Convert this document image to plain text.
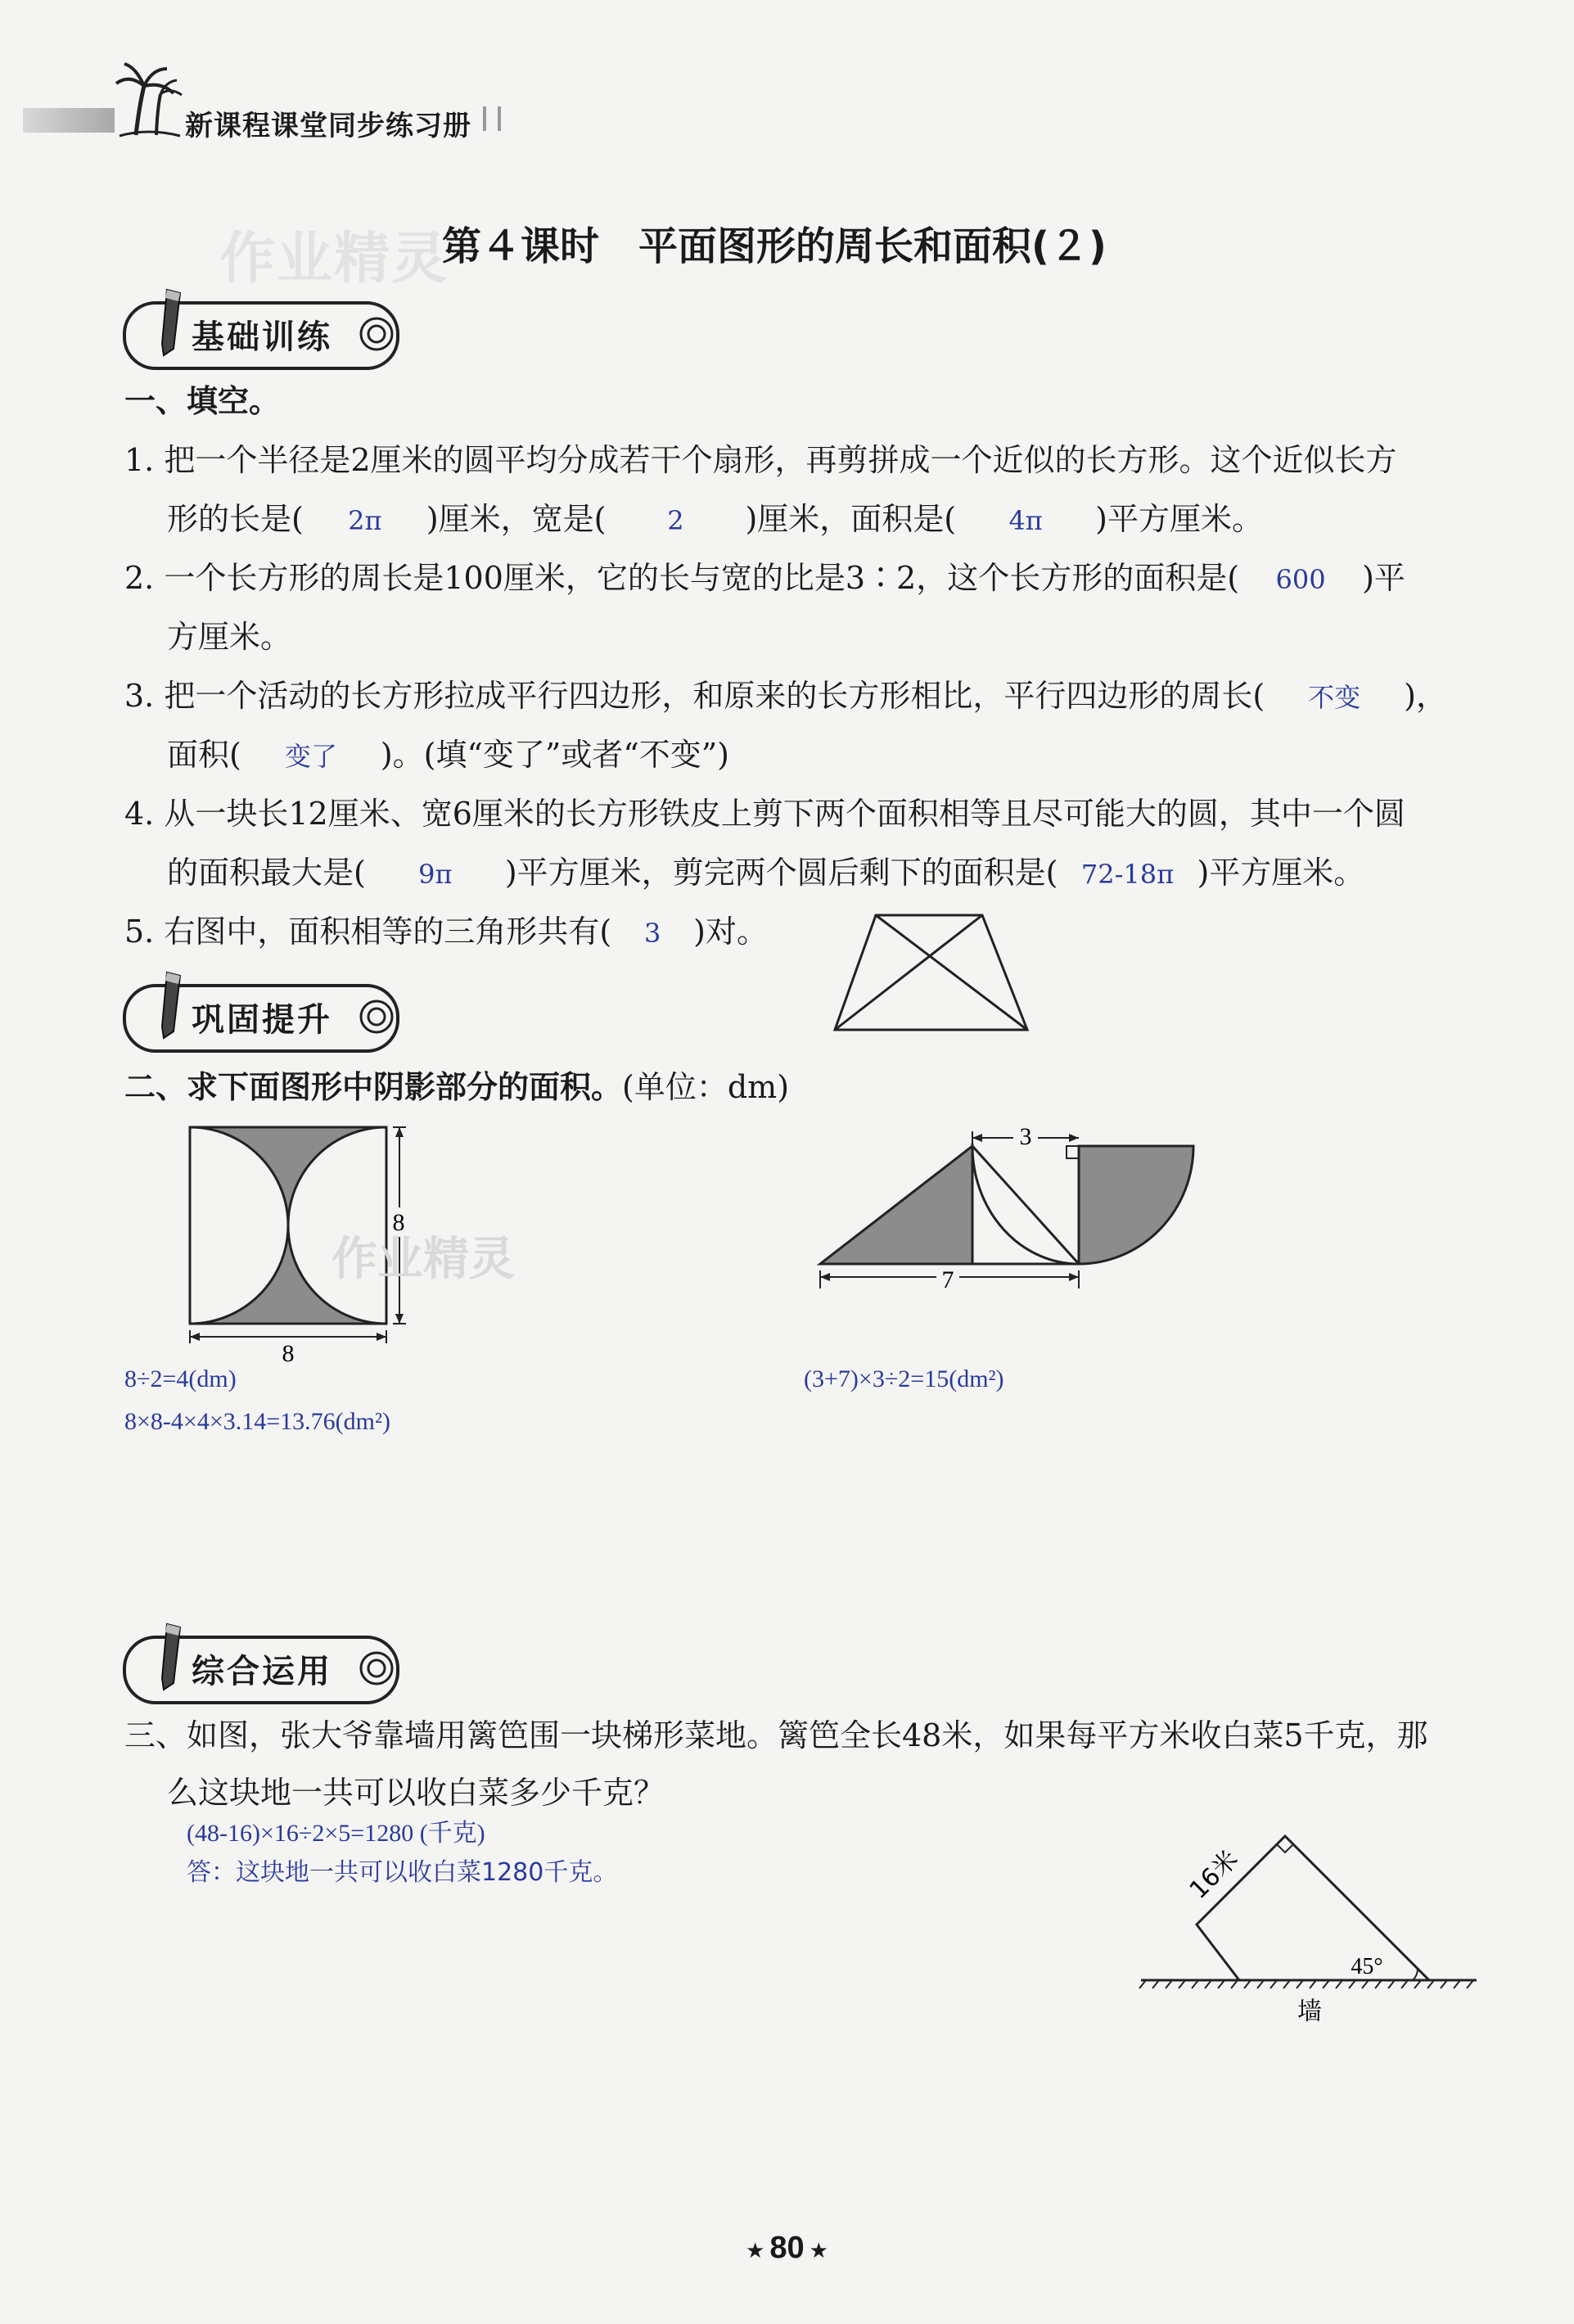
新课程课堂同步练习册
作业精灵
第４课时　平面图形的周长和面积(２)
基础训练
一、填空。
1. 把一个半径是2厘米的圆平均分成若干个扇形，再剪拼成一个近似的长方形。这个近似长方
形的长是( 2π )厘米，宽是( 2 )厘米，面积是( 4π )平方厘米。
2. 一个长方形的周长是100厘米，它的长与宽的比是3∶2，这个长方形的面积是( 600 )平
方厘米。
3. 把一个活动的长方形拉成平行四边形，和原来的长方形相比，平行四边形的周长( 不变 )，
面积( 变了 )。(填“变了”或者“不变”)
4. 从一块长12厘米、宽6厘米的长方形铁皮上剪下两个面积相等且尽可能大的圆，其中一个圆
的面积最大是( 9π )平方厘米，剪完两个圆后剩下的面积是( 72-18π )平方厘米。
5. 右图中，面积相等的三角形共有( 3 )对。
巩固提升
二、求下面图形中阴影部分的面积。(单位：dm)
8
8
作业精灵
3
7
8÷2=4(dm)
8×8-4×4×3.14=13.76(dm²)
(3+7)×3÷2=15(dm²)
综合运用
三、如图，张大爷靠墙用篱笆围一块梯形菜地。篱笆全长48米，如果每平方米收白菜5千克，那
么这块地一共可以收白菜多少千克？
(48-16)×16÷2×5=1280 (千克)
答：这块地一共可以收白菜1280千克。	16米
45°
墙
★ 80 ★
